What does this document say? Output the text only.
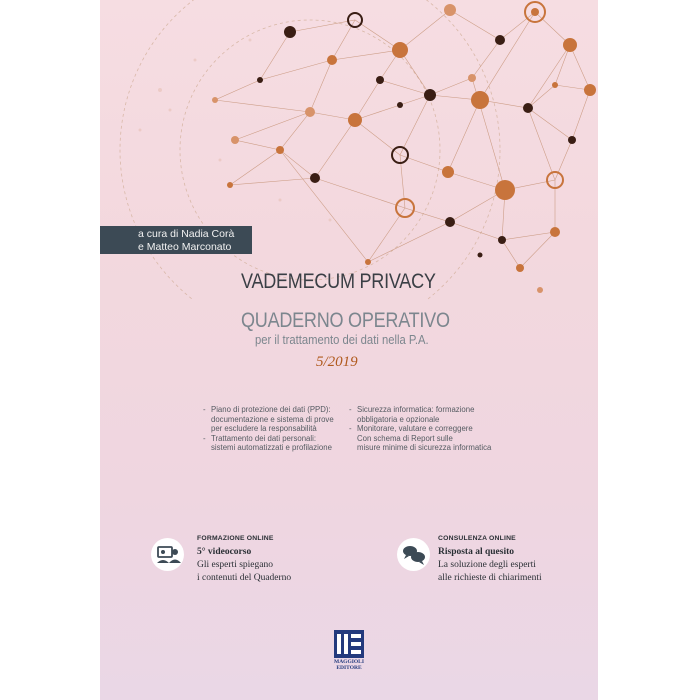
a cura di Nadia Corà
e Matteo Marconato
VADEMECUM PRIVACY
QUADERNO OPERATIVO
per il trattamento dei dati nella P.A.
5/2019
- Piano di protezione dei dati (PPD):
documentazione e sistema di prove
per escludere la responsabilità
- Trattamento dei dati personali:
sistemi automatizzati e profilazione
- Sicurezza informatica: formazione
obbligatoria e opzionale
- Monitorare, valutare e correggere
Con schema di Report sulle
misure minime di sicurezza informatica
FORMAZIONE ONLINE
5° videocorso
Gli esperti spiegano
i contenuti del Quaderno
CONSULENZA ONLINE
Risposta al quesito
La soluzione degli esperti
alle richieste di chiarimenti
MAGGIOLI
EDITORE
